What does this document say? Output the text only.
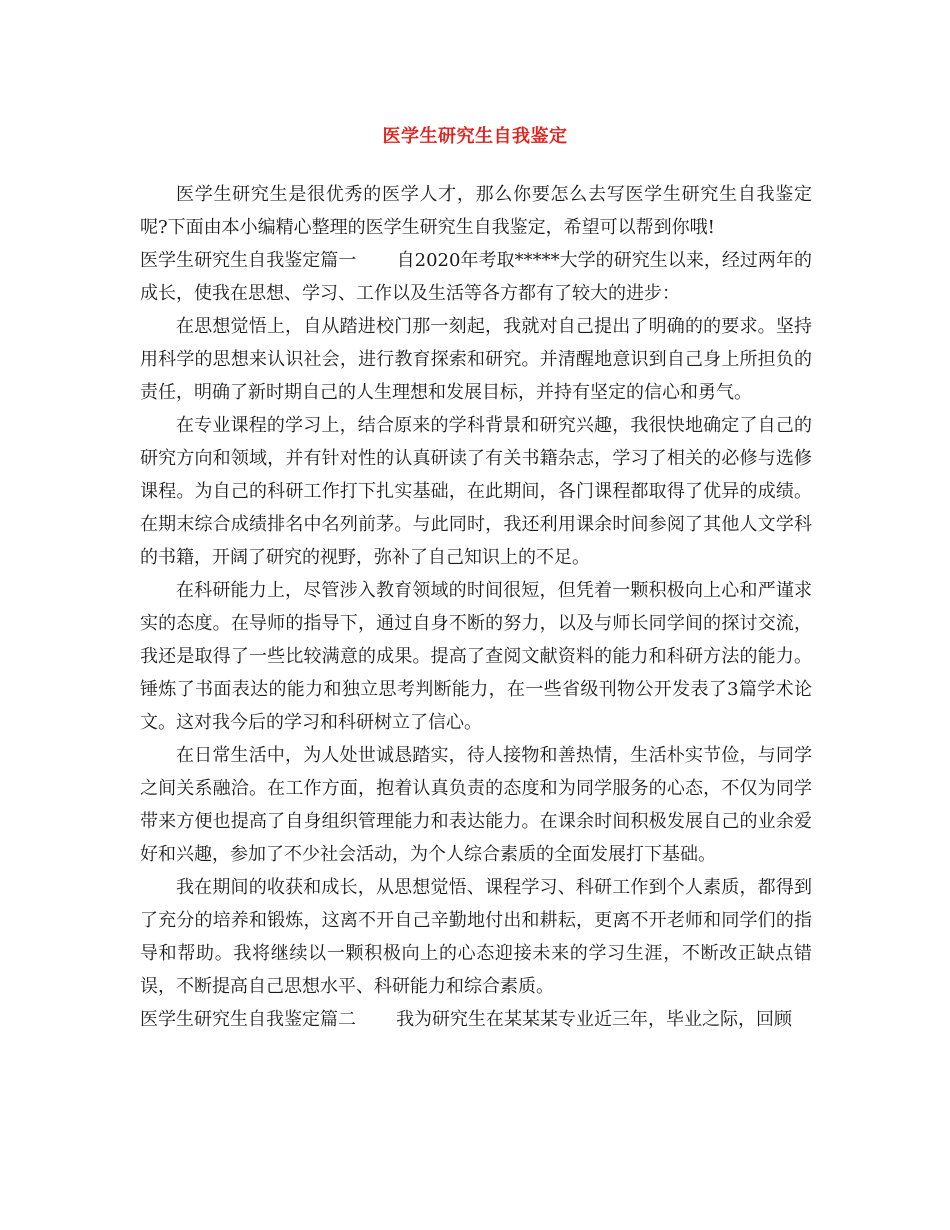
医学生研究生自我鉴定

医学生研究生是很优秀的医学人才，那么你要怎么去写医学生研究生自我鉴定呢?下面由本小编精心整理的医学生研究生自我鉴定，希望可以帮到你哦!

医学生研究生自我鉴定篇一 自2020年考取*****大学的研究生以来，经过两年的成长，使我在思想、学习、工作以及生活等各方都有了较大的进步：

在思想觉悟上，自从踏进校门那一刻起，我就对自己提出了明确的的要求。坚持用科学的思想来认识社会，进行教育探索和研究。并清醒地意识到自己身上所担负的责任，明确了新时期自己的人生理想和发展目标，并持有坚定的信心和勇气。

在专业课程的学习上，结合原来的学科背景和研究兴趣，我很快地确定了自己的研究方向和领域，并有针对性的认真研读了有关书籍杂志，学习了相关的必修与选修课程。为自己的科研工作打下扎实基础，在此期间，各门课程都取得了优异的成绩。在期末综合成绩排名中名列前茅。与此同时，我还利用课余时间参阅了其他人文学科的书籍，开阔了研究的视野，弥补了自己知识上的不足。

在科研能力上，尽管涉入教育领域的时间很短，但凭着一颗积极向上心和严谨求实的态度。在导师的指导下，通过自身不断的努力，以及与师长同学间的探讨交流，我还是取得了一些比较满意的成果。提高了查阅文献资料的能力和科研方法的能力。锤炼了书面表达的能力和独立思考判断能力，在一些省级刊物公开发表了3篇学术论文。这对我今后的学习和科研树立了信心。

在日常生活中，为人处世诚恳踏实，待人接物和善热情，生活朴实节俭，与同学之间关系融洽。在工作方面，抱着认真负责的态度和为同学服务的心态，不仅为同学带来方便也提高了自身组织管理能力和表达能力。在课余时间积极发展自己的业余爱好和兴趣，参加了不少社会活动，为个人综合素质的全面发展打下基础。

我在期间的收获和成长，从思想觉悟、课程学习、科研工作到个人素质，都得到了充分的培养和锻炼，这离不开自己辛勤地付出和耕耘，更离不开老师和同学们的指导和帮助。我将继续以一颗积极向上的心态迎接未来的学习生涯，不断改正缺点错误，不断提高自己思想水平、科研能力和综合素质。

医学生研究生自我鉴定篇二 我为研究生在某某某专业近三年，毕业之际，回顾
